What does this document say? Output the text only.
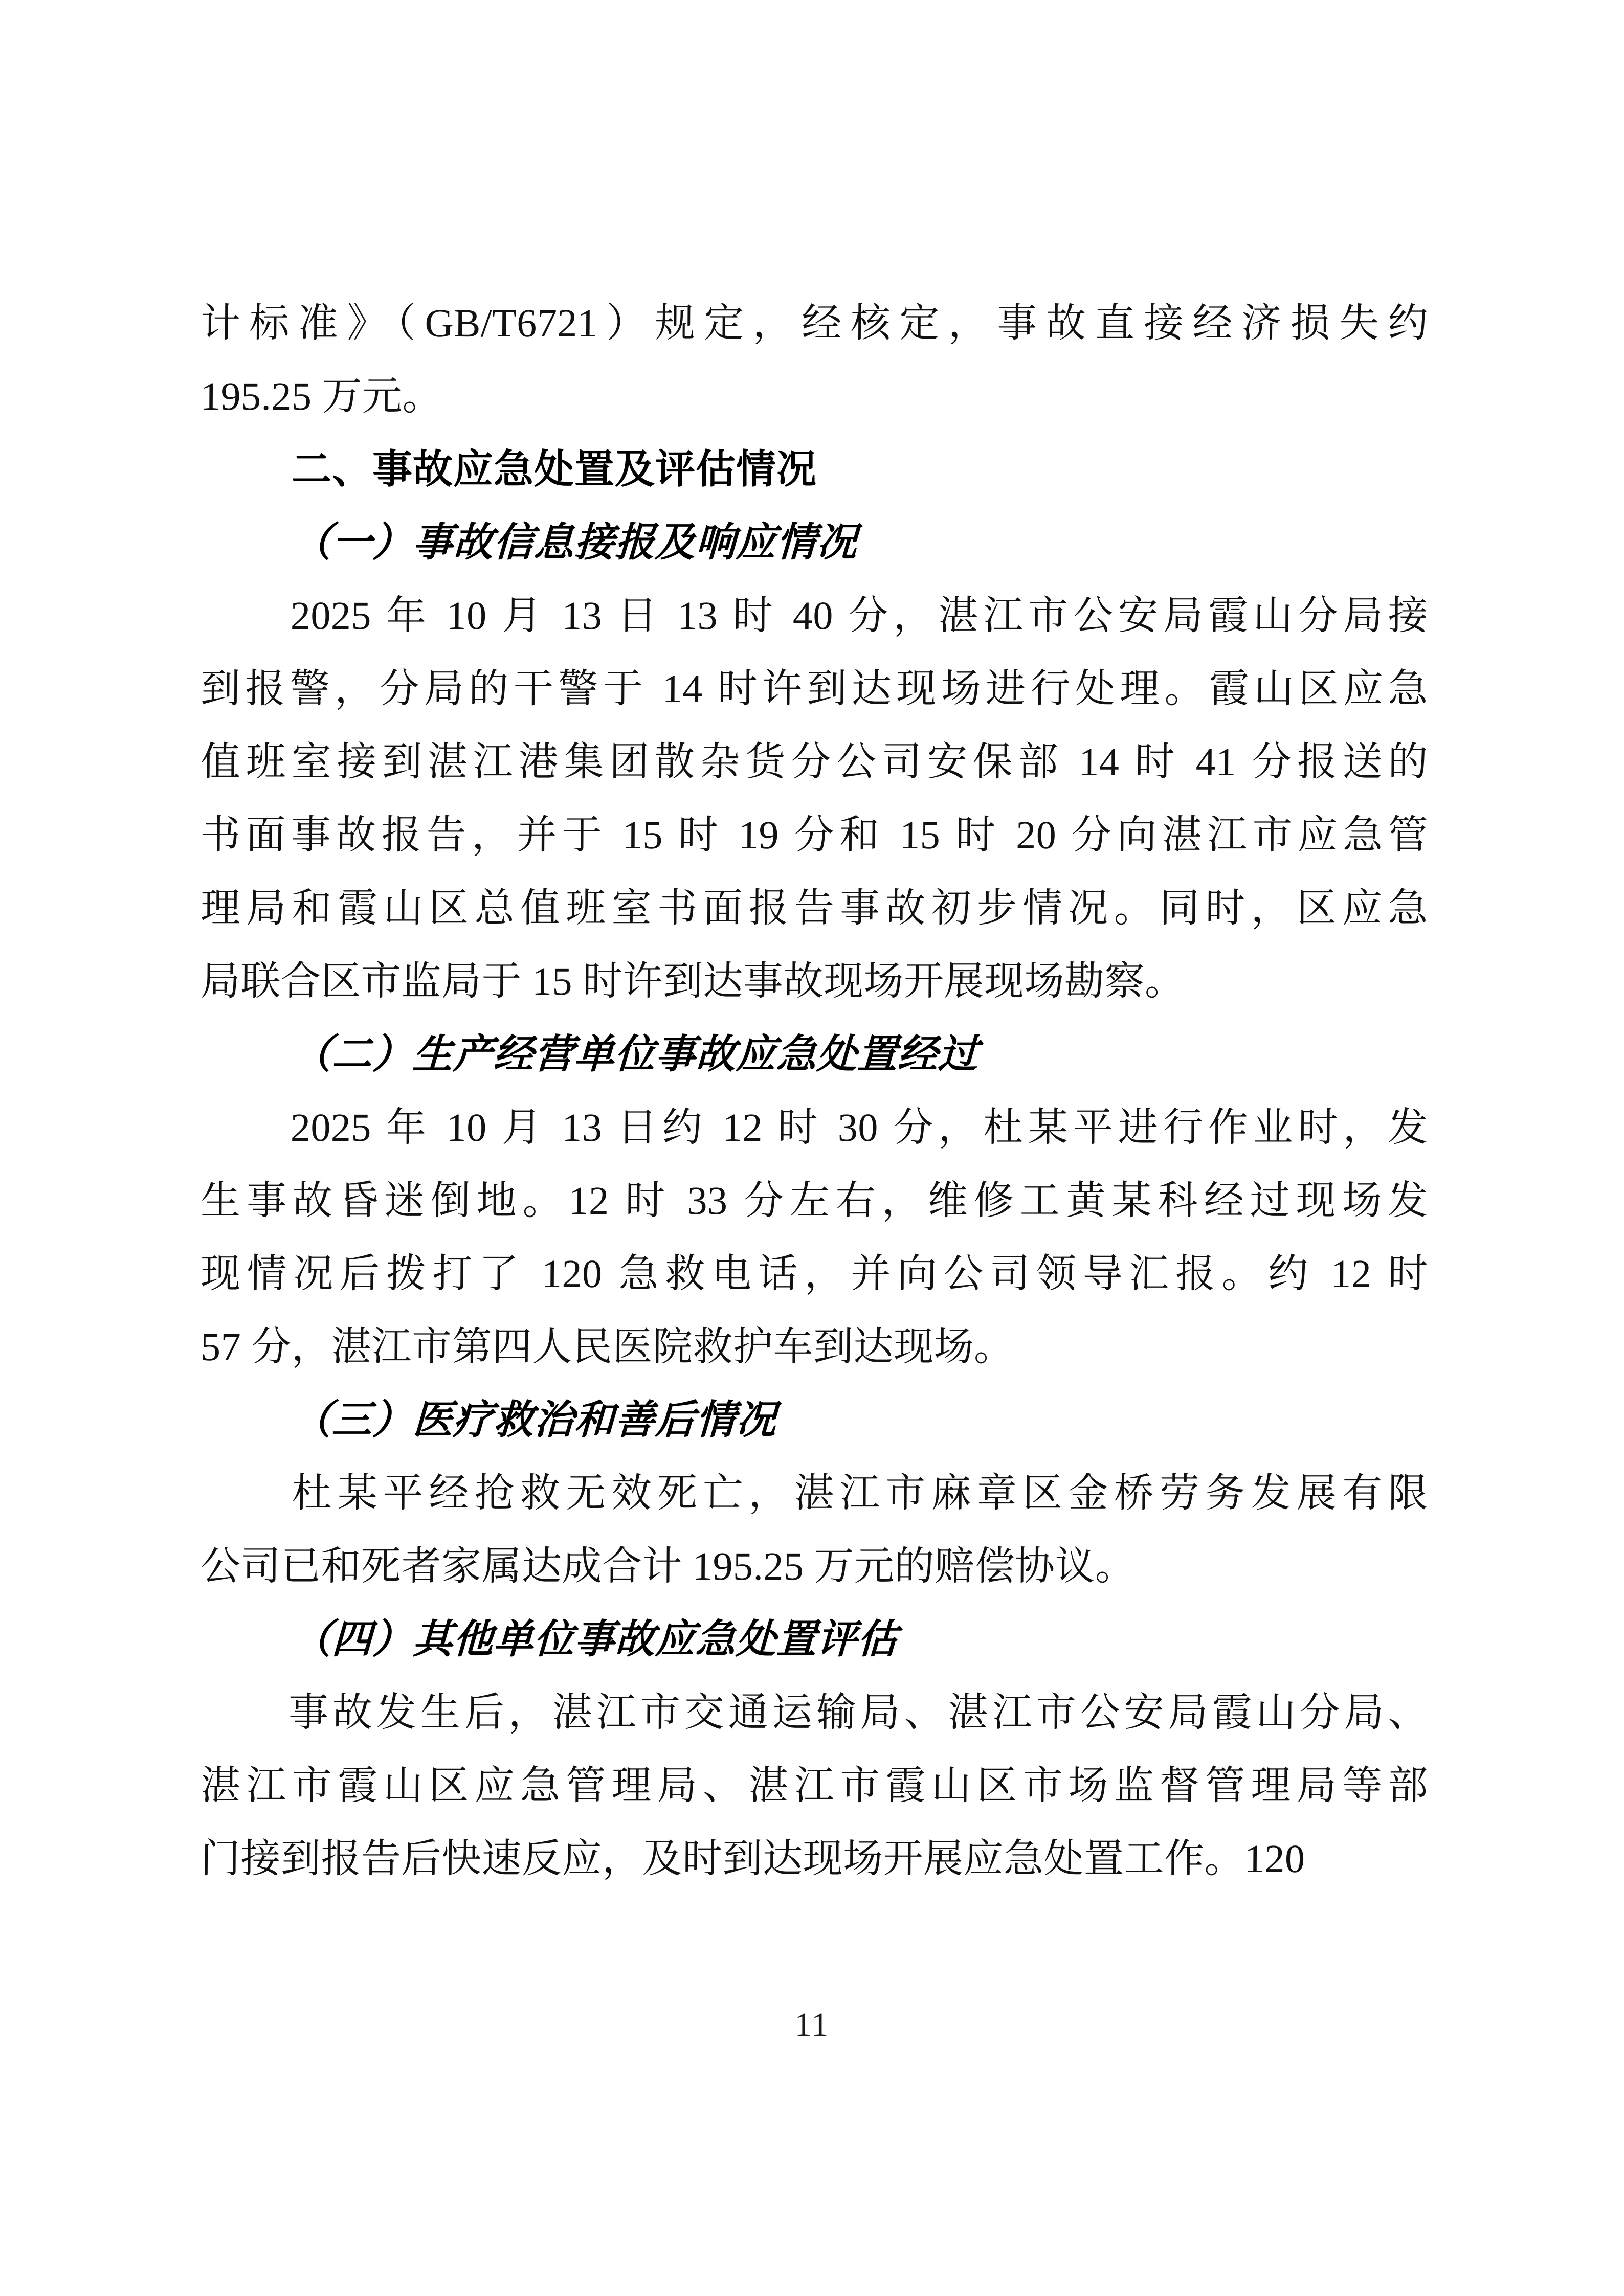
计标准》（GB/T6721）规定，经核定，事故直接经济损失约
195.25 万元。
二、事故应急处置及评估情况
（一）事故信息接报及响应情况
　　2025 年 10 月 13 日 13 时 40 分，湛江市公安局霞山分局接
到报警，分局的干警于 14 时许到达现场进行处理。霞山区应急
值班室接到湛江港集团散杂货分公司安保部 14 时 41 分报送的
书面事故报告，并于 15 时 19 分和 15 时 20 分向湛江市应急管
理局和霞山区总值班室书面报告事故初步情况。同时，区应急
局联合区市监局于 15 时许到达事故现场开展现场勘察。
（二）生产经营单位事故应急处置经过
　　2025 年 10 月 13 日约 12 时 30 分，杜某平进行作业时，发
生事故昏迷倒地。12 时 33 分左右，维修工黄某科经过现场发
现情况后拨打了 120 急救电话，并向公司领导汇报。约 12 时
57 分，湛江市第四人民医院救护车到达现场。
（三）医疗救治和善后情况
　　杜某平经抢救无效死亡，湛江市麻章区金桥劳务发展有限
公司已和死者家属达成合计 195.25 万元的赔偿协议。
（四）其他单位事故应急处置评估
　　事故发生后，湛江市交通运输局、湛江市公安局霞山分局、
湛江市霞山区应急管理局、湛江市霞山区市场监督管理局等部
门接到报告后快速反应，及时到达现场开展应急处置工作。120
11
